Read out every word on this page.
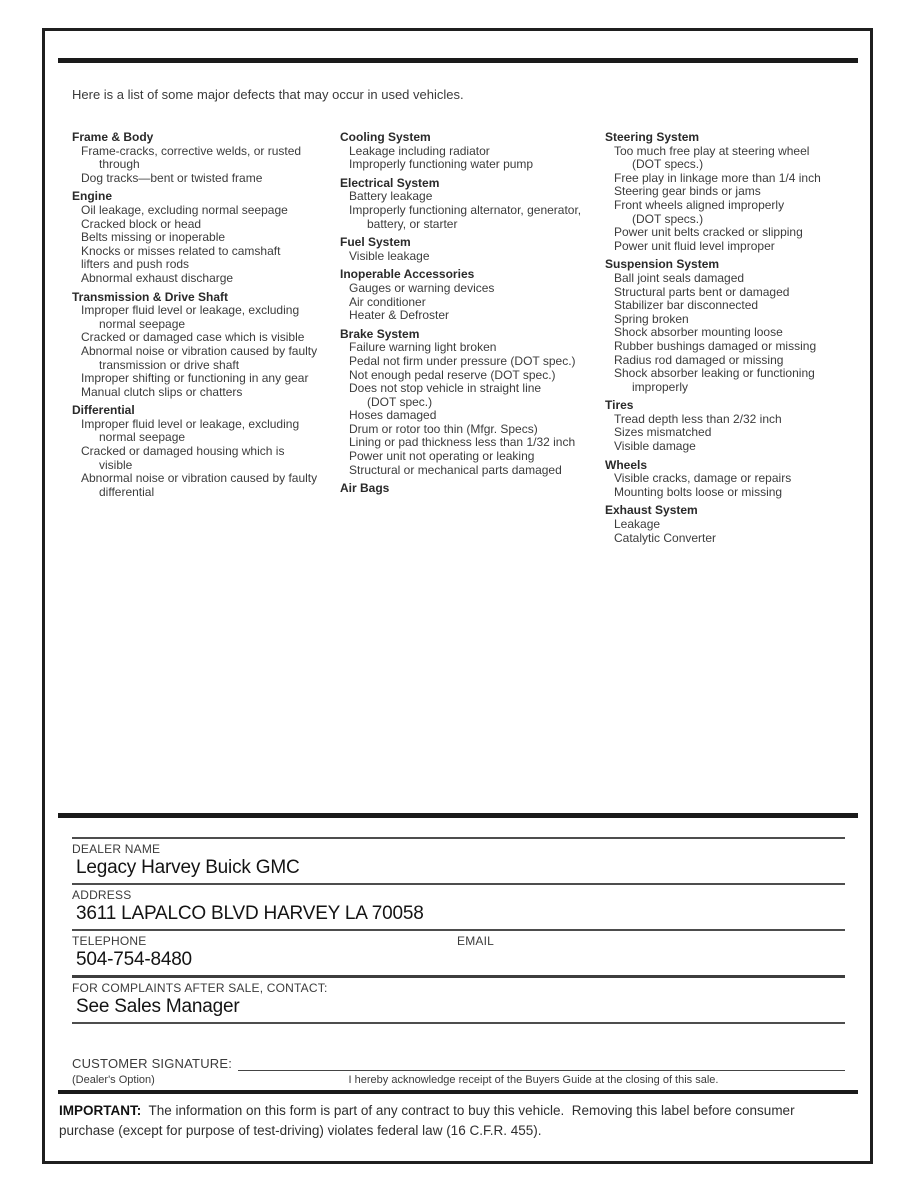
Here is a list of some major defects that may occur in used vehicles.

Frame & Body
Frame-cracks, corrective welds, or rusted
through
Dog tracks—bent or twisted frame
Engine
Oil leakage, excluding normal seepage
Cracked block or head
Belts missing or inoperable
Knocks or misses related to camshaft
lifters and push rods
Abnormal exhaust discharge
Transmission & Drive Shaft
Improper fluid level or leakage, excluding
normal seepage
Cracked or damaged case which is visible
Abnormal noise or vibration caused by faulty
transmission or drive shaft
Improper shifting or functioning in any gear
Manual clutch slips or chatters
Differential
Improper fluid level or leakage, excluding
normal seepage
Cracked or damaged housing which is
visible
Abnormal noise or vibration caused by faulty
differential
Cooling System
Leakage including radiator
Improperly functioning water pump
Electrical System
Battery leakage
Improperly functioning alternator, generator,
battery, or starter
Fuel System
Visible leakage
Inoperable Accessories
Gauges or warning devices
Air conditioner
Heater & Defroster
Brake System
Failure warning light broken
Pedal not firm under pressure (DOT spec.)
Not enough pedal reserve (DOT spec.)
Does not stop vehicle in straight line
(DOT spec.)
Hoses damaged
Drum or rotor too thin (Mfgr. Specs)
Lining or pad thickness less than 1/32 inch
Power unit not operating or leaking
Structural or mechanical parts damaged
Air Bags
Steering System
Too much free play at steering wheel
(DOT specs.)
Free play in linkage more than 1/4 inch
Steering gear binds or jams
Front wheels aligned improperly
(DOT specs.)
Power unit belts cracked or slipping
Power unit fluid level improper
Suspension System
Ball joint seals damaged
Structural parts bent or damaged
Stabilizer bar disconnected
Spring broken
Shock absorber mounting loose
Rubber bushings damaged or missing
Radius rod damaged or missing
Shock absorber leaking or functioning
improperly
Tires
Tread depth less than 2/32 inch
Sizes mismatched
Visible damage
Wheels
Visible cracks, damage or repairs
Mounting bolts loose or missing
Exhaust System
Leakage
Catalytic Converter
DEALER NAME
Legacy Harvey Buick GMC
ADDRESS
3611 LAPALCO BLVD HARVEY LA 70058
TELEPHONE	EMAIL
504-754-8480
FOR COMPLAINTS AFTER SALE, CONTACT:
See Sales Manager
CUSTOMER SIGNATURE:
(Dealer's Option)	I hereby acknowledge receipt of the Buyers Guide at the closing of this sale.

IMPORTANT:  The information on this form is part of any contract to buy this vehicle.  Removing this label before consumer purchase (except for purpose of test-driving) violates federal law (16 C.F.R. 455).
